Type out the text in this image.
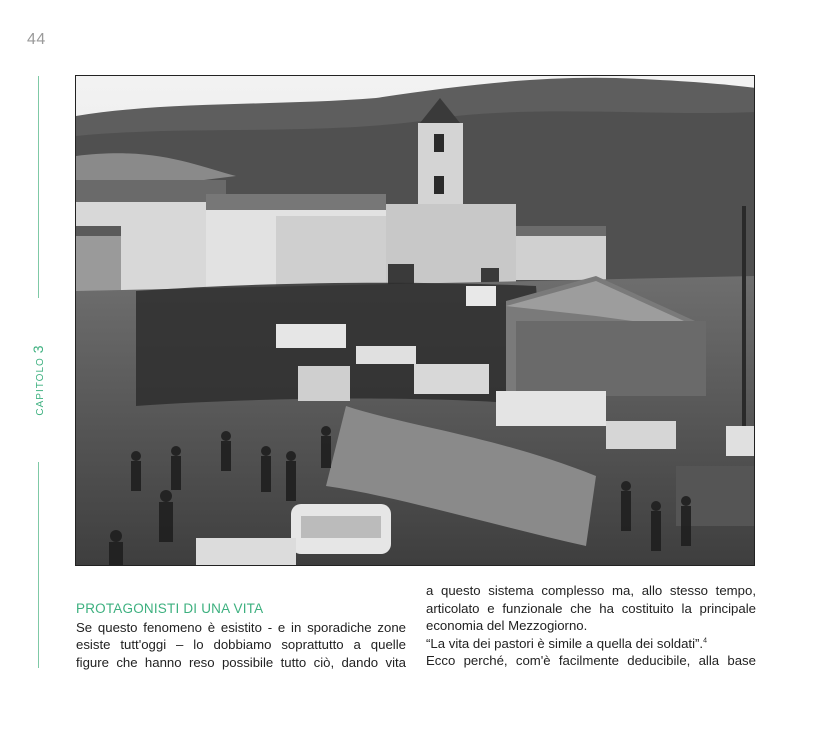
44
CAPITOLO3
PROTAGONISTI DI UNA VITA

Se questo fenomeno è esistito - e in sporadiche zone

esiste tutt'oggi – lo dobbiamo soprattutto a quelle

figure che hanno reso possibile tutto ciò, dando vita

a questo sistema complesso ma, allo stesso tempo,

articolato e funzionale che ha costituito la principale

economia del Mezzogiorno.

“La vita dei pastori è simile a quella dei soldati”.$^4$

Ecco perché, com'è facilmente deducibile, alla base
